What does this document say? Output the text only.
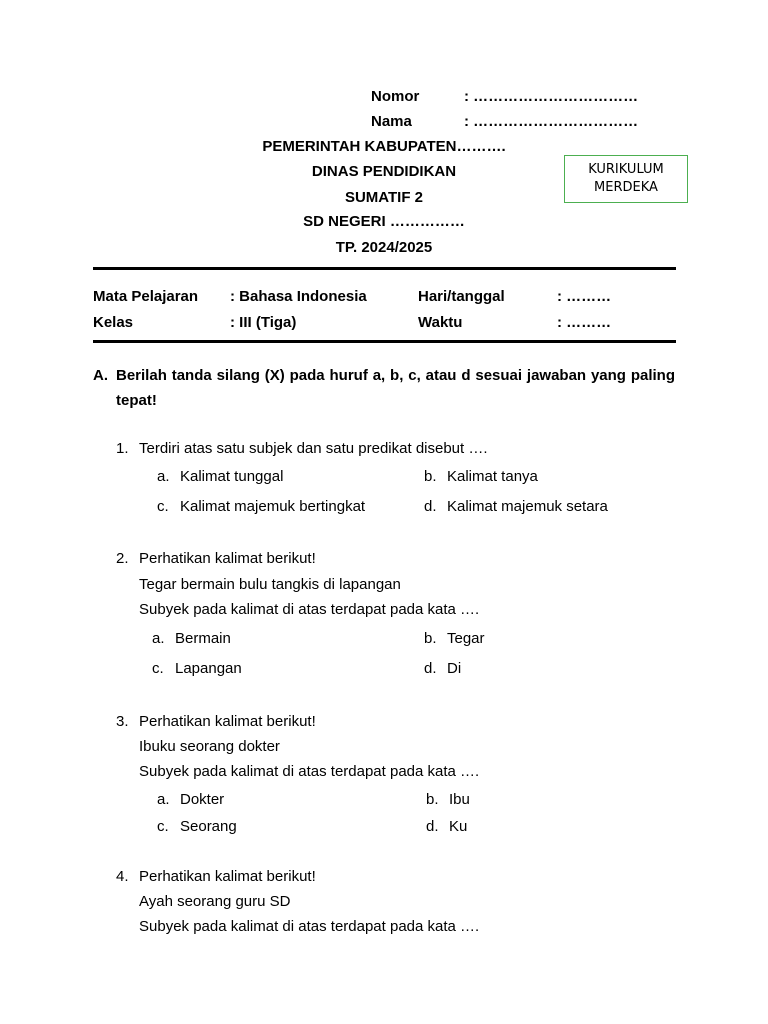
Nomor	: ……………………………
Nama	: ……………………………
PEMERINTAH KABUPATEN……….
DINAS PENDIDIKAN
SUMATIF 2
SD NEGERI ……………
TP. 2024/2025
KURIKULUM
MERDEKA
Mata Pelajaran : Bahasa Indonesia	Hari/tanggal	: ………
Kelas	: III (Tiga)	Waktu	: ………
A. Berilah tanda silang (X) pada huruf a, b, c, atau d sesuai jawaban yang paling tepat!
1. Terdiri atas satu subjek dan satu predikat disebut ….
a. Kalimat tunggal	b. Kalimat tanya
c. Kalimat majemuk bertingkat	d. Kalimat majemuk setara
2. Perhatikan kalimat berikut!
Tegar bermain bulu tangkis di lapangan
Subyek pada kalimat di atas terdapat pada kata ….
a. Bermain	b. Tegar
c. Lapangan	d. Di
3. Perhatikan kalimat berikut!
Ibuku seorang dokter
Subyek pada kalimat di atas terdapat pada kata ….
a. Dokter	b. Ibu
c. Seorang	d. Ku
4. Perhatikan kalimat berikut!
Ayah seorang guru SD
Subyek pada kalimat di atas terdapat pada kata ….
